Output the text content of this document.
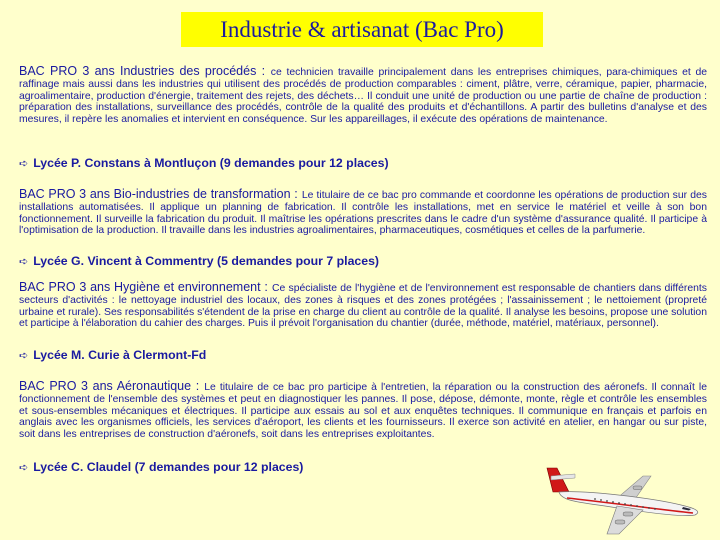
Industrie & artisanat (Bac Pro)
BAC PRO 3 ans Industries des procédés : ce technicien travaille principalement dans les entreprises chimiques, para-chimiques et de raffinage mais aussi dans les industries qui utilisent des procédés de production comparables : ciment, plâtre, verre, céramique, papier, pharmacie, agroalimentaire, production d'énergie, traitement des rejets, des déchets… Il conduit une unité de production ou une partie de chaîne de production : préparation des installations, surveillance des procédés, contrôle de la qualité des produits et d'échantillons. A partir des bulletins d'analyse et des mesures, il repère les anomalies et intervient en conséquence. Sur les appareillages, il exécute des opérations de maintenance.
➪ Lycée P. Constans à Montluçon (9 demandes pour 12 places)
BAC PRO 3 ans Bio-industries de transformation : Le titulaire de ce bac pro commande et coordonne les opérations de production sur des installations automatisées. Il applique un planning de fabrication. Il contrôle les installations, met en service le matériel et veille à son bon fonctionnement. Il surveille la fabrication du produit. Il maîtrise les opérations prescrites dans le cadre d'un système d'assurance qualité. Il participe à l'optimisation de la production. Il travaille dans les industries agroalimentaires, pharmaceutiques, cosmétiques et celles de la parfumerie.
➪ Lycée G. Vincent à Commentry (5 demandes pour 7 places)
BAC PRO 3 ans Hygiène et environnement : Ce spécialiste de l'hygiène et de l'environnement est responsable de chantiers dans différents secteurs d'activités : le nettoyage industriel des locaux, des zones à risques et des zones protégées ; l'assainissement ; le nettoiement (propreté urbaine et rurale). Ses responsabilités s'étendent de la prise en charge du client au contrôle de la qualité. Il analyse les besoins, propose une solution et participe à l'élaboration du cahier des charges. Puis il prévoit l'organisation du chantier (durée, méthode, matériel, matériaux, personnel).
➪ Lycée M. Curie à Clermont-Fd
BAC PRO 3 ans Aéronautique : Le titulaire de ce bac pro participe à l'entretien, la réparation ou la construction des aéronefs. Il connaît le fonctionnement de l'ensemble des systèmes et peut en diagnostiquer les pannes. Il pose, dépose, démonte, monte, règle et contrôle les ensembles et sous-ensembles mécaniques et électriques. Il participe aux essais au sol et aux enquêtes techniques. Il communique en français et parfois en anglais avec les organismes officiels, les services d'aéroport, les clients et les fournisseurs. Il exerce son activité en atelier, en hangar ou sur piste, soit dans les entreprises de construction d'aéronefs, soit dans les entreprises exploitantes.
➪ Lycée C. Claudel (7 demandes pour 12 places)
